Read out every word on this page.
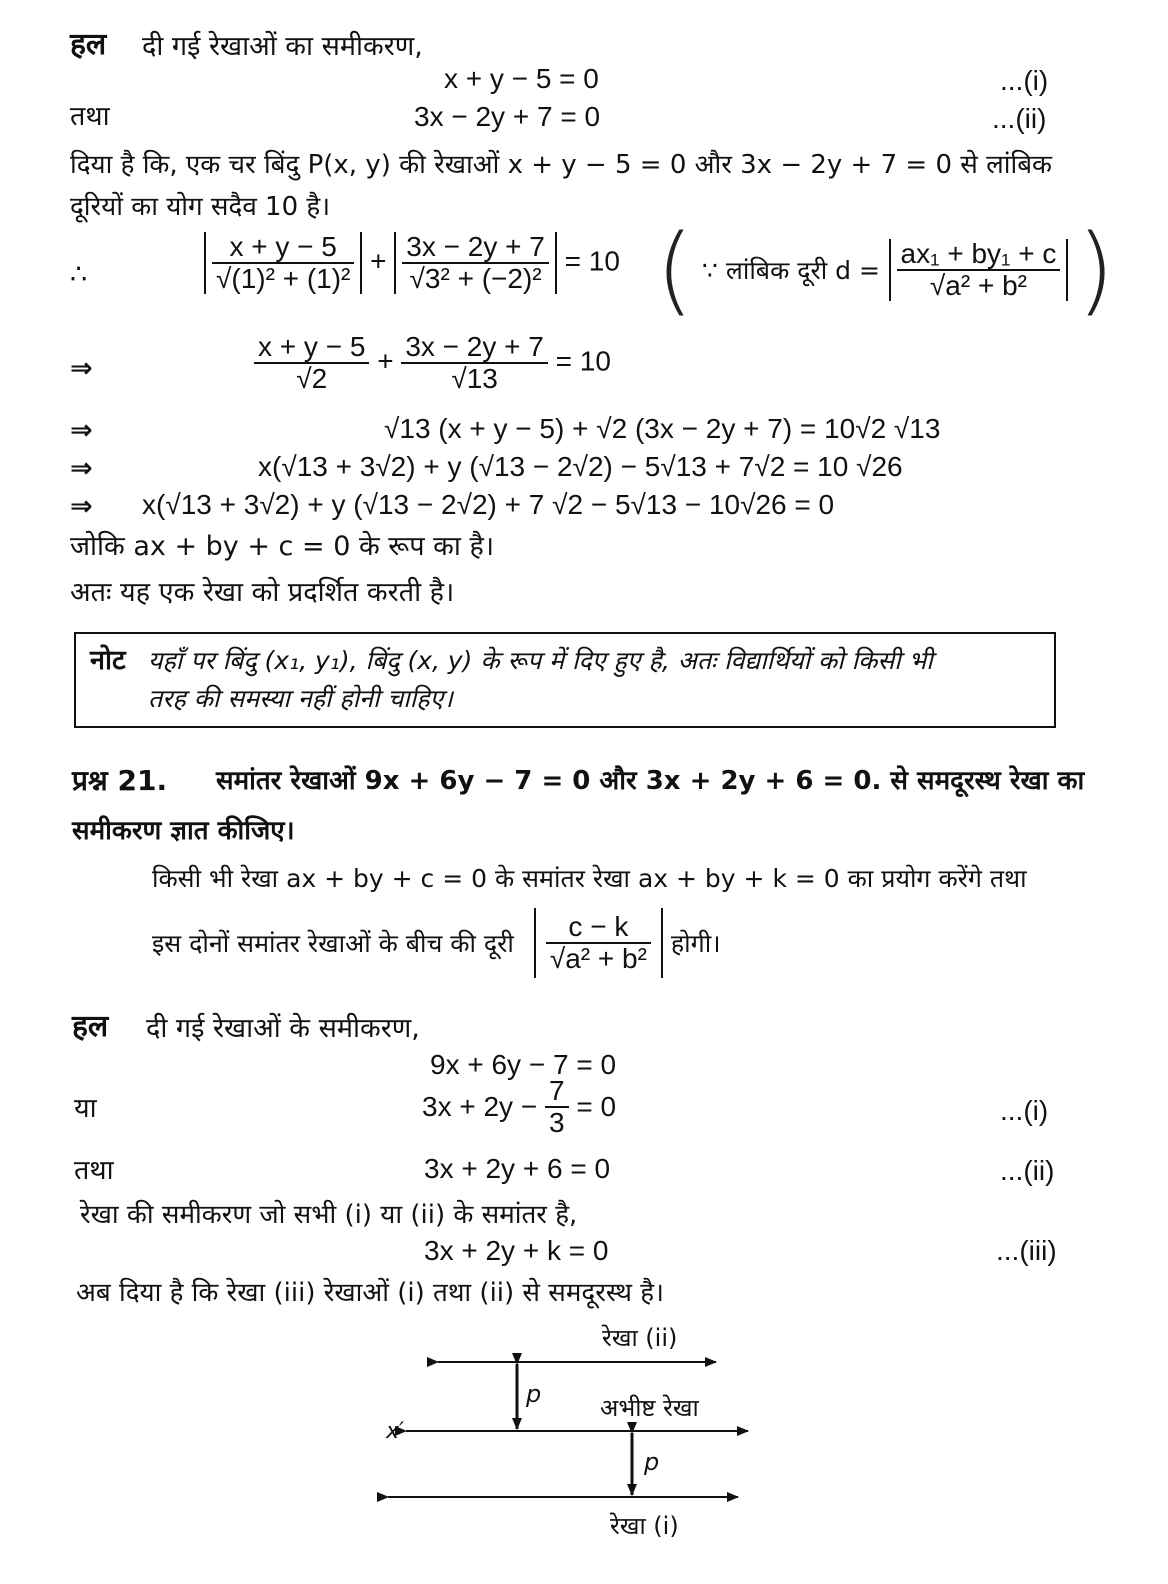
हल दी गई रेखाओं का समीकरण,
x + y − 5 = 0	...(i)
तथा	3x − 2y + 7 = 0	...(ii)
दिया है कि, एक चर बिंदु P(x, y) की रेखाओं x + y − 5 = 0 और 3x − 2y + 7 = 0 से लांबिक
दूरियों का योग सदैव 10 है।
∴	$\frac{x + y - 5}{\text{√(1)² + (1)²}} + \frac{3x - 2y + 7}{\text{√3² + (−2)²}} = 10$ ( ∵ लांबिक दूरी $d = \frac{\text{ax₁ + by₁ + c}}{\text{√a² + b²}}$ )
⇒	$\frac{x + y - 5}{√2} + \frac{3x - 2y + 7}{√13} = 10$
⇒	√13 (x + y − 5) + √2 (3x − 2y + 7) = 10√2 √13
⇒	x(√13 + 3√2) + y (√13 − 2√2) − 5√13 + 7√2 = 10 √26
⇒ x(√13 + 3√2) + y (√13 − 2√2) + 7 √2 − 5√13 − 10√26 = 0
जोकि ax + by + c = 0 के रूप का है।
अतः यह एक रेखा को प्रदर्शित करती है।
नोट यहाँ पर बिंदु (x₁, y₁), बिंदु (x, y) के रूप में दिए हुए है, अतः विद्यार्थियों को किसी भी
तरह की समस्या नहीं होनी चाहिए।
प्रश्न 21. समांतर रेखाओं 9x + 6y − 7 = 0 और 3x + 2y + 6 = 0. से समदूरस्थ रेखा का
समीकरण ज्ञात कीजिए।
किसी भी रेखा ax + by + c = 0 के समांतर रेखा ax + by + k = 0 का प्रयोग करेंगे तथा
इस दोनों समांतर रेखाओं के बीच की दूरी $\frac{c - k}{\text{√a² + b²}}$ होगी।
हल दी गई रेखाओं के समीकरण,
9x + 6y − 7 = 0
या	$3x + 2y - \frac{7}{3} = 0$	...(i)
तथा	3x + 2y + 6 = 0	...(ii)
रेखा की समीकरण जो सभी (i) या (ii) के समांतर है,
3x + 2y + k = 0	...(iii)
अब दिया है कि रेखा (iii) रेखाओं (i) तथा (ii) से समदूरस्थ है।
रेखा (ii)
अभीष्ट रेखा
रेखा (i)
p
p
x′
